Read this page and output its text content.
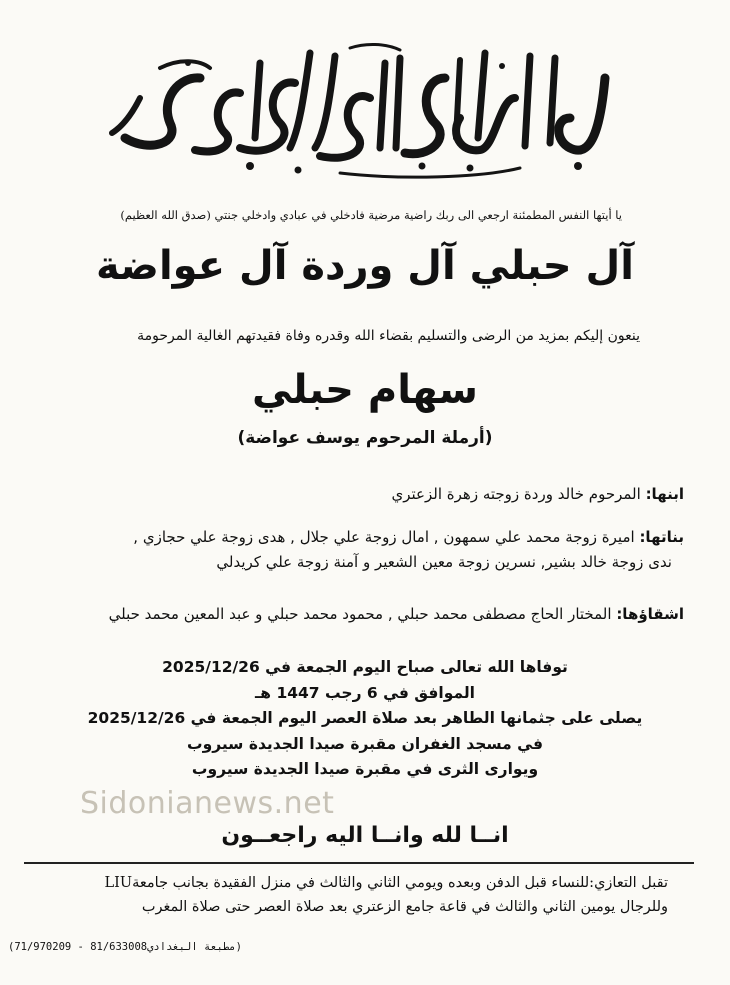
يا أيتها النفس المطمئنة ارجعي الى ربك راضية مرضية فادخلي في عبادي وادخلي جنتي (صدق الله العظيم)
آل حبلي آل وردة آل عواضة
ينعون إليكم بمزيد من الرضى والتسليم بقضاء الله وقدره وفاة فقيدتهم الغالية المرحومة
سهام حبلي
(أرملة المرحوم يوسف عواضة)
ابنها: المرحوم خالد وردة زوجته زهرة الزعتري
بناتها: اميرة زوجة محمد علي سمهون , امال زوجة علي جلال , هدى زوجة علي حجازي ,
ندى زوجة خالد بشير, نسرين زوجة معين الشعير و آمنة زوجة علي كريدلي
اشقاؤها: المختار الحاج مصطفى محمد حبلي , محمود محمد حبلي و عبد المعين محمد حبلي
توفاها الله تعالى صباح اليوم الجمعة في 2025/12/26
الموافق في 6 رجب 1447 هـ
يصلى على جثمانها الطاهر بعد صلاة العصر اليوم الجمعة في 2025/12/26
في مسجد الغفران مقبرة صيدا الجديدة سيروب
ويوارى الثرى في مقبرة صيدا الجديدة سيروب
Sidonianews.net
انــا لله وانــا اليه راجعــون
تقبل التعازي:للنساء قبل الدفن وبعده ويومي الثاني والثالث في منزل الفقيدة بجانب جامعةLIU
وللرجال يومين الثاني والثالث في قاعة جامع الزعتري بعد صلاة العصر حتى صلاة المغرب
(مطبعة البغدادي81/633008 - 71/970209)
